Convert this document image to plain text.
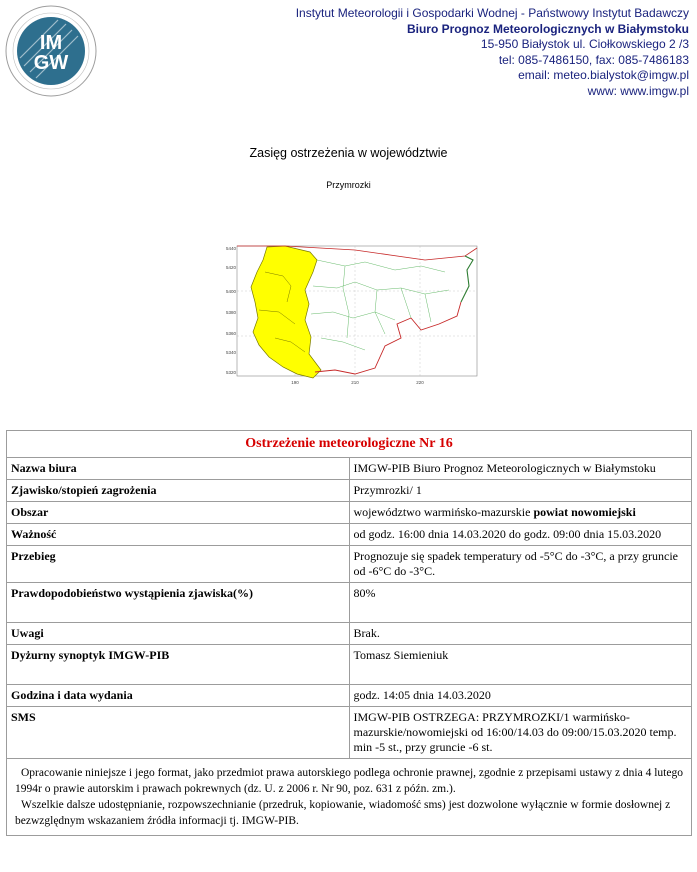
IM
GW
Instytut Meteorologii i Gospodarki Wodnej - Państwowy Instytut Badawczy
Biuro Prognoz Meteorologicznych w Białymstoku
15-950 Białystok ul. Ciołkowskiego 2 /3
tel: 085-7486150, fax: 085-7486183
email: meteo.bialystok@imgw.pl
www: www.imgw.pl
Zasięg ostrzeżenia w województwie
Przymrozki
5440
5420
5400
5380
5360
5340
5320
190	210	220
Ostrzeżenie meteorologiczne Nr 16	
Nazwa biura	IMGW-PIB Biuro Prognoz Meteorologicznych w Białymstoku
Zjawisko/stopień zagrożenia	Przymrozki/ 1
Obszar	województwo warmińsko-mazurskie powiat nowomiejski
Ważność	od godz. 16:00 dnia 14.03.2020 do godz. 09:00 dnia 15.03.2020
Przebieg	Prognozuje się spadek temperatury od -5°C do -3°C, a przy gruncie od -6°C do -3°C.
Prawdopodobieństwo wystąpienia zjawiska(%)	80%
Uwagi	Brak.
Dyżurny synoptyk IMGW-PIB	Tomasz Siemieniuk
Godzina i data wydania	godz. 14:05 dnia 14.03.2020
SMS	IMGW-PIB OSTRZEGA: PRZYMROZKI/1 warmińsko-mazurskie/nowomiejski od 16:00/14.03 do 09:00/15.03.2020 temp. min -5 st., przy gruncie -6 st.

Opracowanie niniejsze i jego format, jako przedmiot prawa autorskiego podlega ochronie prawnej, zgodnie z przepisami ustawy z dnia 4 lutego 1994r o prawie autorskim i prawach pokrewnych (dz. U. z 2006 r. Nr 90, poz. 631 z późn. zm.).

Wszelkie dalsze udostępnianie, rozpowszechnianie (przedruk, kopiowanie, wiadomość sms) jest dozwolone wyłącznie w formie dosłownej z bezwzględnym wskazaniem źródła informacji tj. IMGW-PIB.	
